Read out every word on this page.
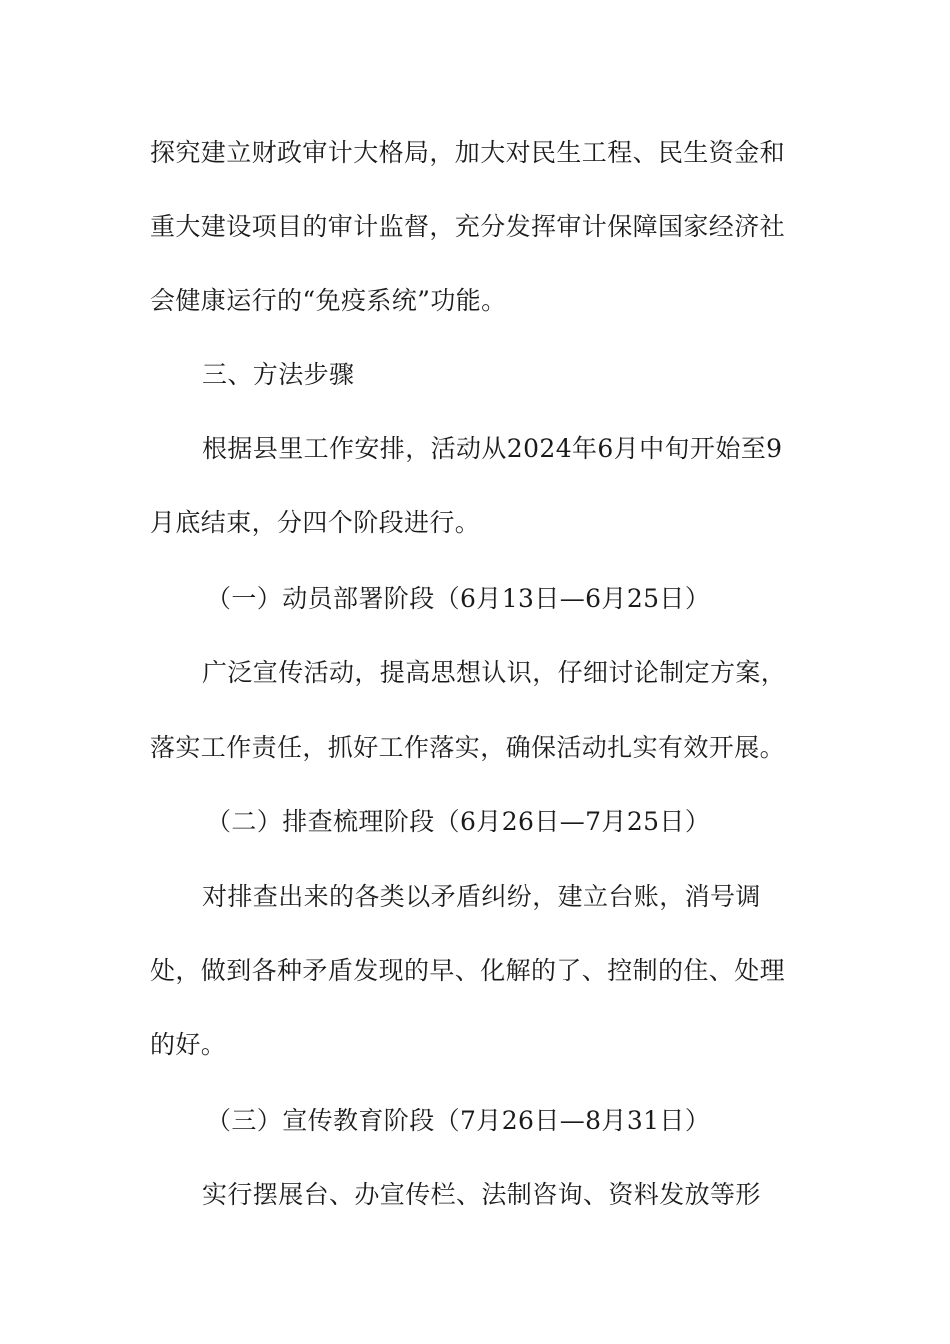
探究建立财政审计大格局，加大对民生工程、民生资金和
重大建设项目的审计监督，充分发挥审计保障国家经济社
会健康运行的“免疫系统”功能。
三、方法步骤
根据县里工作安排，活动从2024年6月中旬开始至9
月底结束，分四个阶段进行。
（一）动员部署阶段（6月13日—6月25日）
广泛宣传活动，提高思想认识，仔细讨论制定方案，
落实工作责任，抓好工作落实，确保活动扎实有效开展。
（二）排查梳理阶段（6月26日—7月25日）
对排查出来的各类以矛盾纠纷，建立台账，消号调
处，做到各种矛盾发现的早、化解的了、控制的住、处理
的好。
（三）宣传教育阶段（7月26日—8月31日）
实行摆展台、办宣传栏、法制咨询、资料发放等形
